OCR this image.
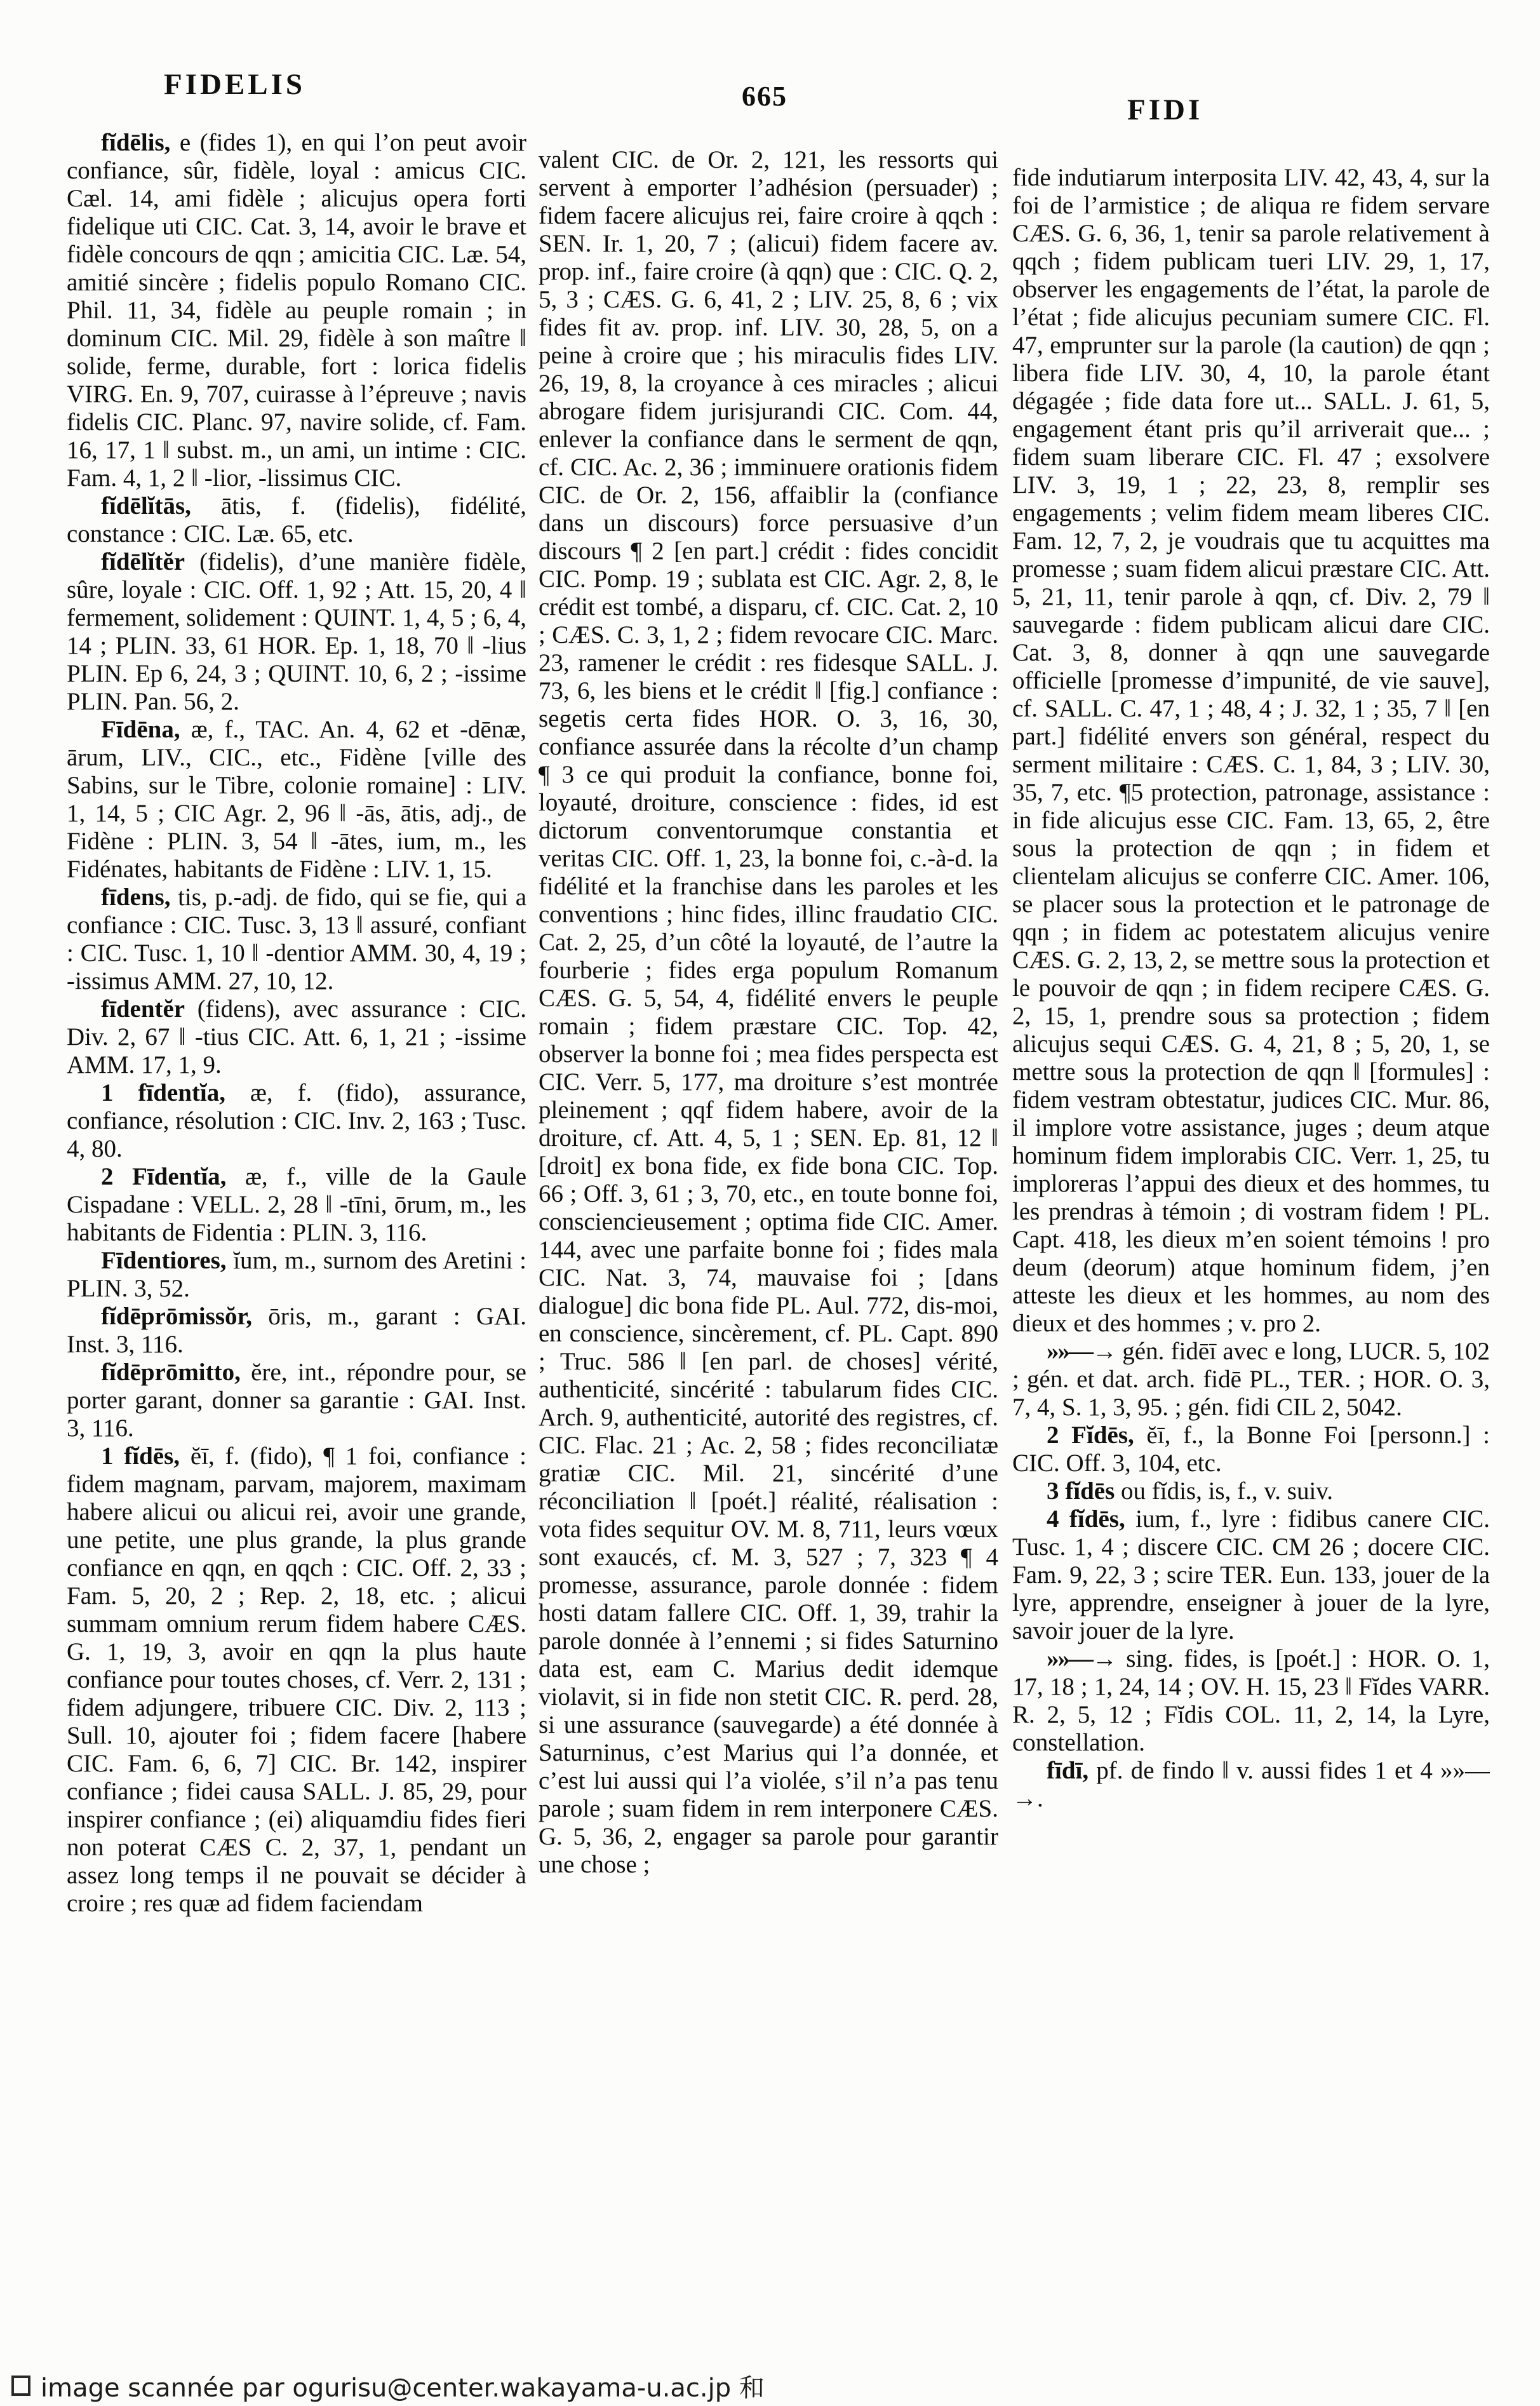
FIDELIS	665	FIDI

fĭdēlis, e (fides 1), en qui l’on peut avoir confiance, sûr, fidèle, loyal : amicus CIC. Cæl. 14, ami fidèle ; alicujus opera forti fidelique uti CIC. Cat. 3, 14, avoir le brave et fidèle concours de qqn ; amicitia CIC. Læ. 54, amitié sincère ; fidelis populo Romano CIC. Phil. 11, 34, fidèle au peuple romain ; in dominum CIC. Mil. 29, fidèle à son maître ‖ solide, ferme, durable, fort : lorica fidelis VIRG. En. 9, 707, cuirasse à l’épreuve ; navis fidelis CIC. Planc. 97, navire solide, cf. Fam. 16, 17, 1 ‖ subst. m., un ami, un intime : CIC. Fam. 4, 1, 2 ‖ -lior, -lissimus CIC.

fĭdēlĭtās, ātis, f. (fidelis), fidélité, constance : CIC. Læ. 65, etc.

fĭdēlĭtĕr (fidelis), d’une manière fidèle, sûre, loyale : CIC. Off. 1, 92 ; Att. 15, 20, 4 ‖ fermement, solidement : QUINT. 1, 4, 5 ; 6, 4, 14 ; PLIN. 33, 61 HOR. Ep. 1, 18, 70 ‖ -lius PLIN. Ep 6, 24, 3 ; QUINT. 10, 6, 2 ; -issime PLIN. Pan. 56, 2.

Fīdēna, æ, f., TAC. An. 4, 62 et -dēnæ, ārum, LIV., CIC., etc., Fidène [ville des Sabins, sur le Tibre, colonie romaine] : LIV. 1, 14, 5 ; CIC Agr. 2, 96 ‖ -ās, ātis, adj., de Fidène : PLIN. 3, 54 ‖ -ātes, ium, m., les Fidénates, habitants de Fidène : LIV. 1, 15.

fīdens, tis, p.-adj. de fido, qui se fie, qui a confiance : CIC. Tusc. 3, 13 ‖ assuré, confiant : CIC. Tusc. 1, 10 ‖ -dentior AMM. 30, 4, 19 ; -issimus AMM. 27, 10, 12.

fīdentĕr (fidens), avec assurance : CIC. Div. 2, 67 ‖ -tius CIC. Att. 6, 1, 21 ; -issime AMM. 17, 1, 9.

1 fīdentĭa, æ, f. (fido), assurance, confiance, résolution : CIC. Inv. 2, 163 ; Tusc. 4, 80.

2 Fīdentĭa, æ, f., ville de la Gaule Cispadane : VELL. 2, 28 ‖ -tīni, ōrum, m., les habitants de Fidentia : PLIN. 3, 116.

Fīdentiores, ĭum, m., surnom des Aretini : PLIN. 3, 52.

fĭdēprōmissŏr, ōris, m., garant : GAI. Inst. 3, 116.

fĭdēprōmitto, ĕre, int., répondre pour, se porter garant, donner sa garantie : GAI. Inst. 3, 116.

1 fĭdēs, ĕī, f. (fido), ¶ 1 foi, confiance : fidem magnam, parvam, majorem, maximam habere alicui ou alicui rei, avoir une grande, une petite, une plus grande, la plus grande confiance en qqn, en qqch : CIC. Off. 2, 33 ; Fam. 5, 20, 2 ; Rep. 2, 18, etc. ; alicui summam omnium rerum fidem habere CÆS. G. 1, 19, 3, avoir en qqn la plus haute confiance pour toutes choses, cf. Verr. 2, 131 ; fidem adjungere, tribuere CIC. Div. 2, 113 ; Sull. 10, ajouter foi ; fidem facere [habere CIC. Fam. 6, 6, 7] CIC. Br. 142, inspirer confiance ; fidei causa SALL. J. 85, 29, pour inspirer confiance ; (ei) aliquamdiu fides fieri non poterat CÆS C. 2, 37, 1, pendant un assez long temps il ne pouvait se décider à croire ; res quæ ad fidem faciendam

valent CIC. de Or. 2, 121, les ressorts qui servent à emporter l’adhésion (persuader) ; fidem facere alicujus rei, faire croire à qqch : SEN. Ir. 1, 20, 7 ; (alicui) fidem facere av. prop. inf., faire croire (à qqn) que : CIC. Q. 2, 5, 3 ; CÆS. G. 6, 41, 2 ; LIV. 25, 8, 6 ; vix fides fit av. prop. inf. LIV. 30, 28, 5, on a peine à croire que ; his miraculis fides LIV. 26, 19, 8, la croyance à ces miracles ; alicui abrogare fidem jurisjurandi CIC. Com. 44, enlever la confiance dans le serment de qqn, cf. CIC. Ac. 2, 36 ; imminuere orationis fidem CIC. de Or. 2, 156, affaiblir la (confiance dans un discours) force persuasive d’un discours ¶ 2 [en part.] crédit : fides concidit CIC. Pomp. 19 ; sublata est CIC. Agr. 2, 8, le crédit est tombé, a disparu, cf. CIC. Cat. 2, 10 ; CÆS. C. 3, 1, 2 ; fidem revocare CIC. Marc. 23, ramener le crédit : res fidesque SALL. J. 73, 6, les biens et le crédit ‖ [fig.] confiance : segetis certa fides HOR. O. 3, 16, 30, confiance assurée dans la récolte d’un champ ¶ 3 ce qui produit la confiance, bonne foi, loyauté, droiture, conscience : fides, id est dictorum conventorumque constantia et veritas CIC. Off. 1, 23, la bonne foi, c.-à-d. la fidélité et la franchise dans les paroles et les conventions ; hinc fides, illinc fraudatio CIC. Cat. 2, 25, d’un côté la loyauté, de l’autre la fourberie ; fides erga populum Romanum CÆS. G. 5, 54, 4, fidélité envers le peuple romain ; fidem præstare CIC. Top. 42, observer la bonne foi ; mea fides perspecta est CIC. Verr. 5, 177, ma droiture s’est montrée pleinement ; qqf fidem habere, avoir de la droiture, cf. Att. 4, 5, 1 ; SEN. Ep. 81, 12 ‖ [droit] ex bona fide, ex fide bona CIC. Top. 66 ; Off. 3, 61 ; 3, 70, etc., en toute bonne foi, consciencieusement ; optima fide CIC. Amer. 144, avec une parfaite bonne foi ; fides mala CIC. Nat. 3, 74, mauvaise foi ; [dans dialogue] dic bona fide PL. Aul. 772, dis-moi, en conscience, sincèrement, cf. PL. Capt. 890 ; Truc. 586 ‖ [en parl. de choses] vérité, authenticité, sincérité : tabularum fides CIC. Arch. 9, authenticité, autorité des registres, cf. CIC. Flac. 21 ; Ac. 2, 58 ; fides reconciliatæ gratiæ CIC. Mil. 21, sincérité d’une réconciliation ‖ [poét.] réalité, réalisation : vota fides sequitur OV. M. 8, 711, leurs vœux sont exaucés, cf. M. 3, 527 ; 7, 323 ¶ 4 promesse, assurance, parole donnée : fidem hosti datam fallere CIC. Off. 1, 39, trahir la parole donnée à l’ennemi ; si fides Saturnino data est, eam C. Marius dedit idemque violavit, si in fide non stetit CIC. R. perd. 28, si une assurance (sauvegarde) a été donnée à Saturninus, c’est Marius qui l’a donnée, et c’est lui aussi qui l’a violée, s’il n’a pas tenu parole ; suam fidem in rem interponere CÆS. G. 5, 36, 2, engager sa parole pour garantir une chose ;

fide indutiarum interposita LIV. 42, 43, 4, sur la foi de l’armistice ; de aliqua re fidem servare CÆS. G. 6, 36, 1, tenir sa parole relativement à qqch ; fidem publicam tueri LIV. 29, 1, 17, observer les engagements de l’état, la parole de l’état ; fide alicujus pecuniam sumere CIC. Fl. 47, emprunter sur la parole (la caution) de qqn ; libera fide LIV. 30, 4, 10, la parole étant dégagée ; fide data fore ut... SALL. J. 61, 5, engagement étant pris qu’il arriverait que... ; fidem suam liberare CIC. Fl. 47 ; exsolvere LIV. 3, 19, 1 ; 22, 23, 8, remplir ses engagements ; velim fidem meam liberes CIC. Fam. 12, 7, 2, je voudrais que tu acquittes ma promesse ; suam fidem alicui præstare CIC. Att. 5, 21, 11, tenir parole à qqn, cf. Div. 2, 79 ‖ sauvegarde : fidem publicam alicui dare CIC. Cat. 3, 8, donner à qqn une sauvegarde officielle [promesse d’impunité, de vie sauve], cf. SALL. C. 47, 1 ; 48, 4 ; J. 32, 1 ; 35, 7 ‖ [en part.] fidélité envers son général, respect du serment militaire : CÆS. C. 1, 84, 3 ; LIV. 30, 35, 7, etc. ¶5 protection, patronage, assistance : in fide alicujus esse CIC. Fam. 13, 65, 2, être sous la protection de qqn ; in fidem et clientelam alicujus se conferre CIC. Amer. 106, se placer sous la protection et le patronage de qqn ; in fidem ac potestatem alicujus venire CÆS. G. 2, 13, 2, se mettre sous la protection et le pouvoir de qqn ; in fidem recipere CÆS. G. 2, 15, 1, prendre sous sa protection ; fidem alicujus sequi CÆS. G. 4, 21, 8 ; 5, 20, 1, se mettre sous la protection de qqn ‖ [formules] : fidem vestram obtestatur, judices CIC. Mur. 86, il implore votre assistance, juges ; deum atque hominum fidem implorabis CIC. Verr. 1, 25, tu imploreras l’appui des dieux et des hommes, tu les prendras à témoin ; di vostram fidem ! PL. Capt. 418, les dieux m’en soient témoins ! pro deum (deorum) atque hominum fidem, j’en atteste les dieux et les hommes, au nom des dieux et des hommes ; v. pro 2.

»»—→ gén. fidēī avec e long, LUCR. 5, 102 ; gén. et dat. arch. fidē PL., TER. ; HOR. O. 3, 7, 4, S. 1, 3, 95. ; gén. fidi CIL 2, 5042.

2 Fĭdēs, ĕī, f., la Bonne Foi [personn.] : CIC. Off. 3, 104, etc.

3 fĭdēs ou fĭdis, is, f., v. suiv.

4 fĭdēs, ium, f., lyre : fidibus canere CIC. Tusc. 1, 4 ; discere CIC. CM 26 ; docere CIC. Fam. 9, 22, 3 ; scire TER. Eun. 133, jouer de la lyre, apprendre, enseigner à jouer de la lyre, savoir jouer de la lyre.

»»—→ sing. fides, is [poét.] : HOR. O. 1, 17, 18 ; 1, 24, 14 ; OV. H. 15, 23 ‖ Fĭdes VARR. R. 2, 5, 12 ; Fĭdis COL. 11, 2, 14, la Lyre, constellation.

fīdī, pf. de findo ‖ v. aussi fides 1 et 4 »»—→.

image scannée par ogurisu@center.wakayama-u.ac.jp 和
